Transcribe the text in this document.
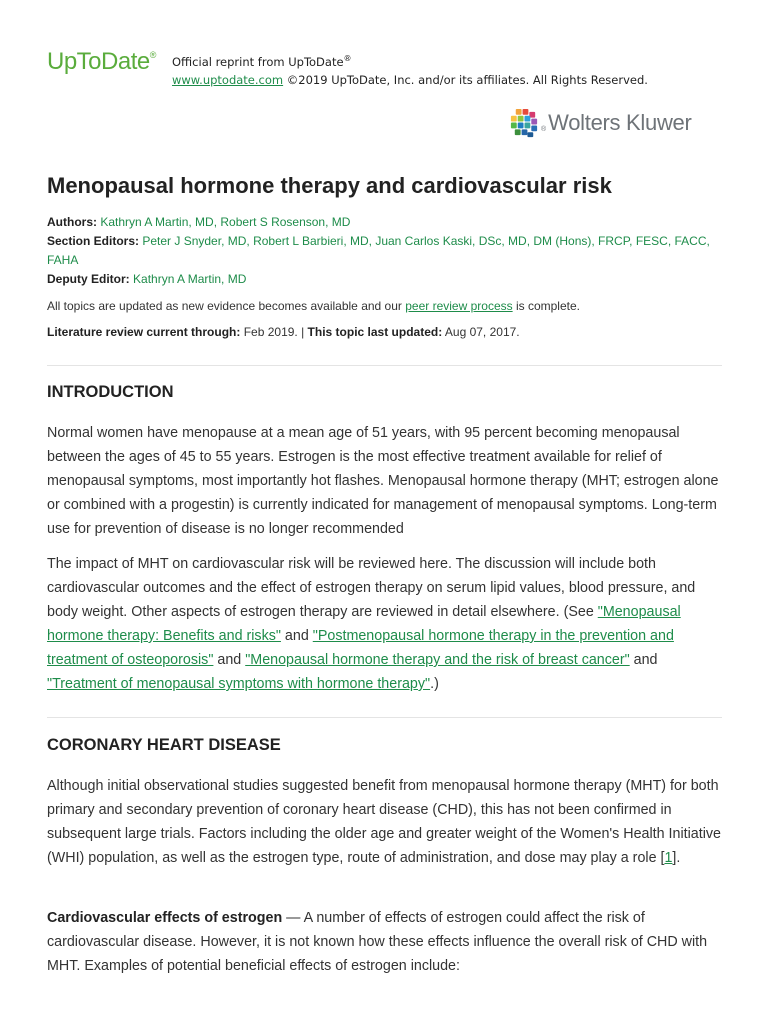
UpToDate® Official reprint from UpToDate®
www.uptodate.com ©2019 UpToDate, Inc. and/or its affiliates. All Rights Reserved.
$_®$ Wolters Kluwer
Menopausal hormone therapy and cardiovascular risk
Authors: Kathryn A Martin, MD, Robert S Rosenson, MD
Section Editors: Peter J Snyder, MD, Robert L Barbieri, MD, Juan Carlos Kaski, DSc, MD, DM (Hons), FRCP, FESC, FACC, FAHA
Deputy Editor: Kathryn A Martin, MD
All topics are updated as new evidence becomes available and our peer review process is complete.
Literature review current through: Feb 2019. | This topic last updated: Aug 07, 2017.
INTRODUCTION

Normal women have menopause at a mean age of 51 years, with 95 percent becoming menopausal between the ages of 45 to 55 years. Estrogen is the most effective treatment available for relief of menopausal symptoms, most importantly hot flashes. Menopausal hormone therapy (MHT; estrogen alone or combined with a progestin) is currently indicated for management of menopausal symptoms. Long-term use for prevention of disease is no longer recommended

The impact of MHT on cardiovascular risk will be reviewed here. The discussion will include both cardiovascular outcomes and the effect of estrogen therapy on serum lipid values, blood pressure, and body weight. Other aspects of estrogen therapy are reviewed in detail elsewhere. (See "Menopausal hormone therapy: Benefits and risks" and "Postmenopausal hormone therapy in the prevention and treatment of osteoporosis" and "Menopausal hormone therapy and the risk of breast cancer" and "Treatment of menopausal symptoms with hormone therapy".)

CORONARY HEART DISEASE

Although initial observational studies suggested benefit from menopausal hormone therapy (MHT) for both primary and secondary prevention of coronary heart disease (CHD), this has not been confirmed in subsequent large trials. Factors including the older age and greater weight of the Women's Health Initiative (WHI) population, as well as the estrogen type, route of administration, and dose may play a role [1].

Cardiovascular effects of estrogen — A number of effects of estrogen could affect the risk of cardiovascular disease. However, it is not known how these effects influence the overall risk of CHD with MHT. Examples of potential beneficial effects of estrogen include:
